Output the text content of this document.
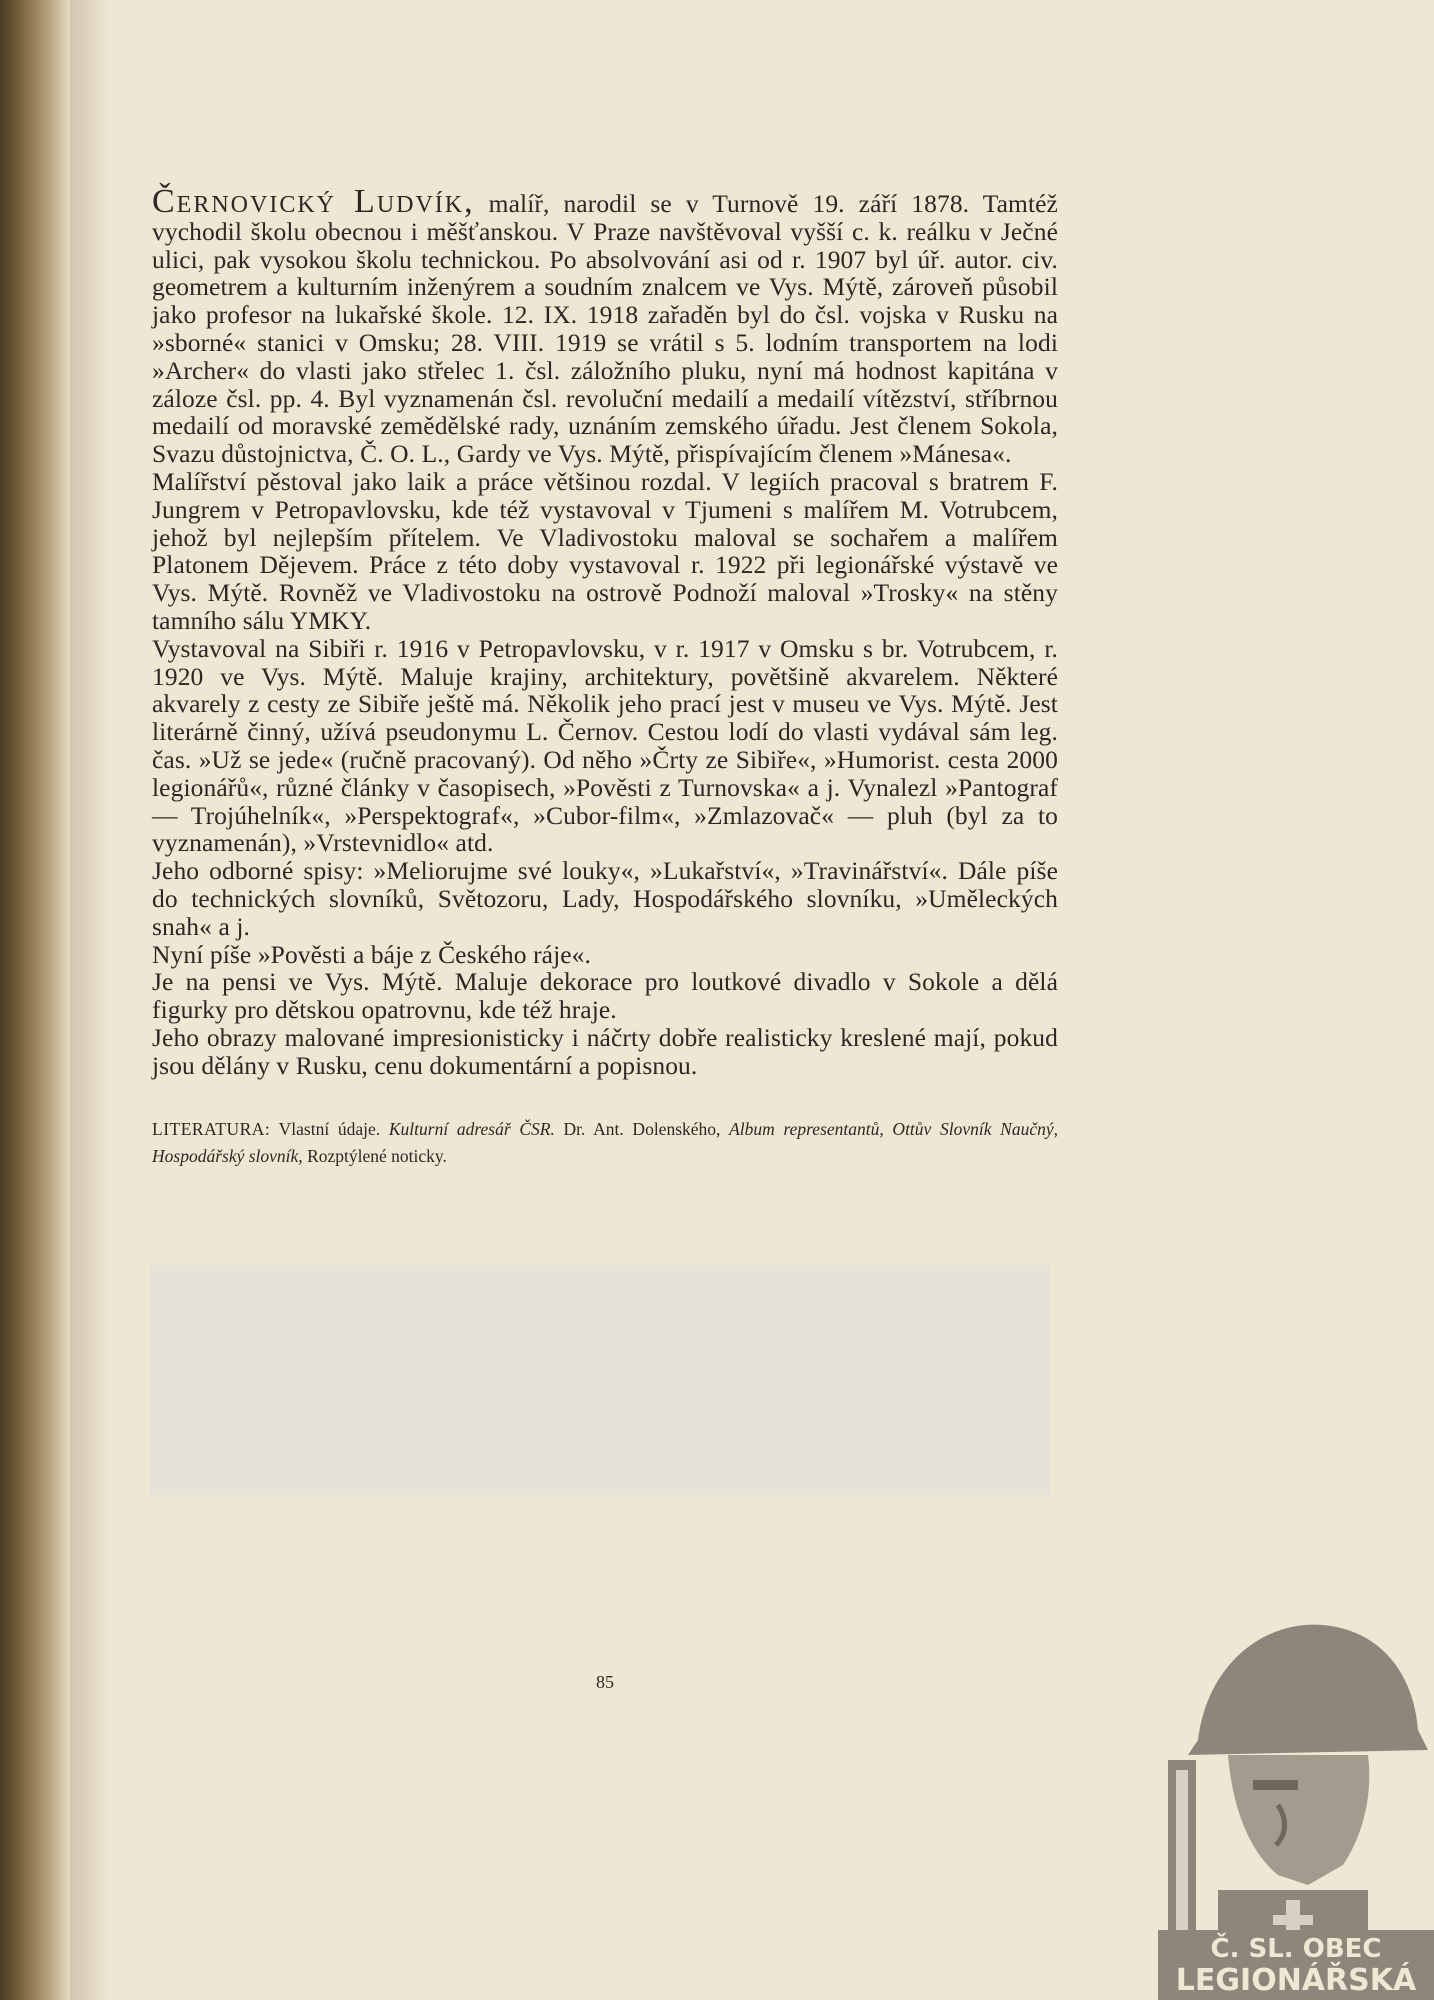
Černovický Ludvík, malíř, narodil se v Turnově 19. září 1878. Tamtéž vychodil školu obecnou i měšťanskou. V Praze navštěvoval vyšší c. k. reálku v Ječné ulici, pak vysokou školu technickou. Po absolvování asi od r. 1907 byl úř. autor. civ. geometrem a kulturním inženýrem a soudním znalcem ve Vys. Mýtě, zároveň působil jako profesor na lukařské škole. 12. IX. 1918 zařaděn byl do čsl. vojska v Rusku na »sborné« stanici v Omsku; 28. VIII. 1919 se vrátil s 5. lodním transportem na lodi »Archer« do vlasti jako střelec 1. čsl. záložního pluku, nyní má hodnost kapitána v záloze čsl. pp. 4. Byl vyznamenán čsl. revoluční medailí a medailí vítězství, stříbrnou medailí od moravské zemědělské rady, uznáním zemského úřadu. Jest členem Sokola, Svazu důstojnictva, Č. O. L., Gardy ve Vys. Mýtě, přispívajícím členem »Mánesa«.

Malířství pěstoval jako laik a práce většinou rozdal. V legiích pracoval s bratrem F. Jungrem v Petropavlovsku, kde též vystavoval v Tjumeni s malířem M. Votrubcem, jehož byl nejlepším přítelem. Ve Vladivostoku maloval se sochařem a malířem Platonem Dějevem. Práce z této doby vystavoval r. 1922 při legionářské výstavě ve Vys. Mýtě. Rovněž ve Vladivostoku na ostrově Podnoží maloval »Trosky« na stěny tamního sálu YMKY.

Vystavoval na Sibiři r. 1916 v Petropavlovsku, v r. 1917 v Omsku s br. Votrubcem, r. 1920 ve Vys. Mýtě. Maluje krajiny, architektury, povětšině akvarelem. Některé akvarely z cesty ze Sibiře ještě má. Několik jeho prací jest v museu ve Vys. Mýtě. Jest literárně činný, užívá pseudonymu L. Černov. Cestou lodí do vlasti vydával sám leg. čas. »Už se jede« (ručně pracovaný). Od něho »Črty ze Sibiře«, »Humorist. cesta 2000 legionářů«, různé články v časopisech, »Pověsti z Turnovska« a j. Vynalezl »Pantograf — Trojúhelník«, »Perspektograf«, »Cubor-film«, »Zmlazovač« — pluh (byl za to vyznamenán), »Vrstevnidlo« atd.

Jeho odborné spisy: »Meliorujme své louky«, »Lukařství«, »Travinářství«. Dále píše do technických slovníků, Světozoru, Lady, Hospodářského slovníku, »Uměleckých snah« a j.

Nyní píše »Pověsti a báje z Českého ráje«.

Je na pensi ve Vys. Mýtě. Maluje dekorace pro loutkové divadlo v Sokole a dělá figurky pro dětskou opatrovnu, kde též hraje.

Jeho obrazy malované impresionisticky i náčrty dobře realisticky kreslené mají, pokud jsou dělány v Rusku, cenu dokumentární a popisnou.

LITERATURA: Vlastní údaje. Kulturní adresář ČSR. Dr. Ant. Dolenského, Album representantů, Ottův Slovník Naučný, Hospodářský slovník, Rozptýlené noticky.
85
Č. SL. OBEC
LEGIONÁŘSKÁ
